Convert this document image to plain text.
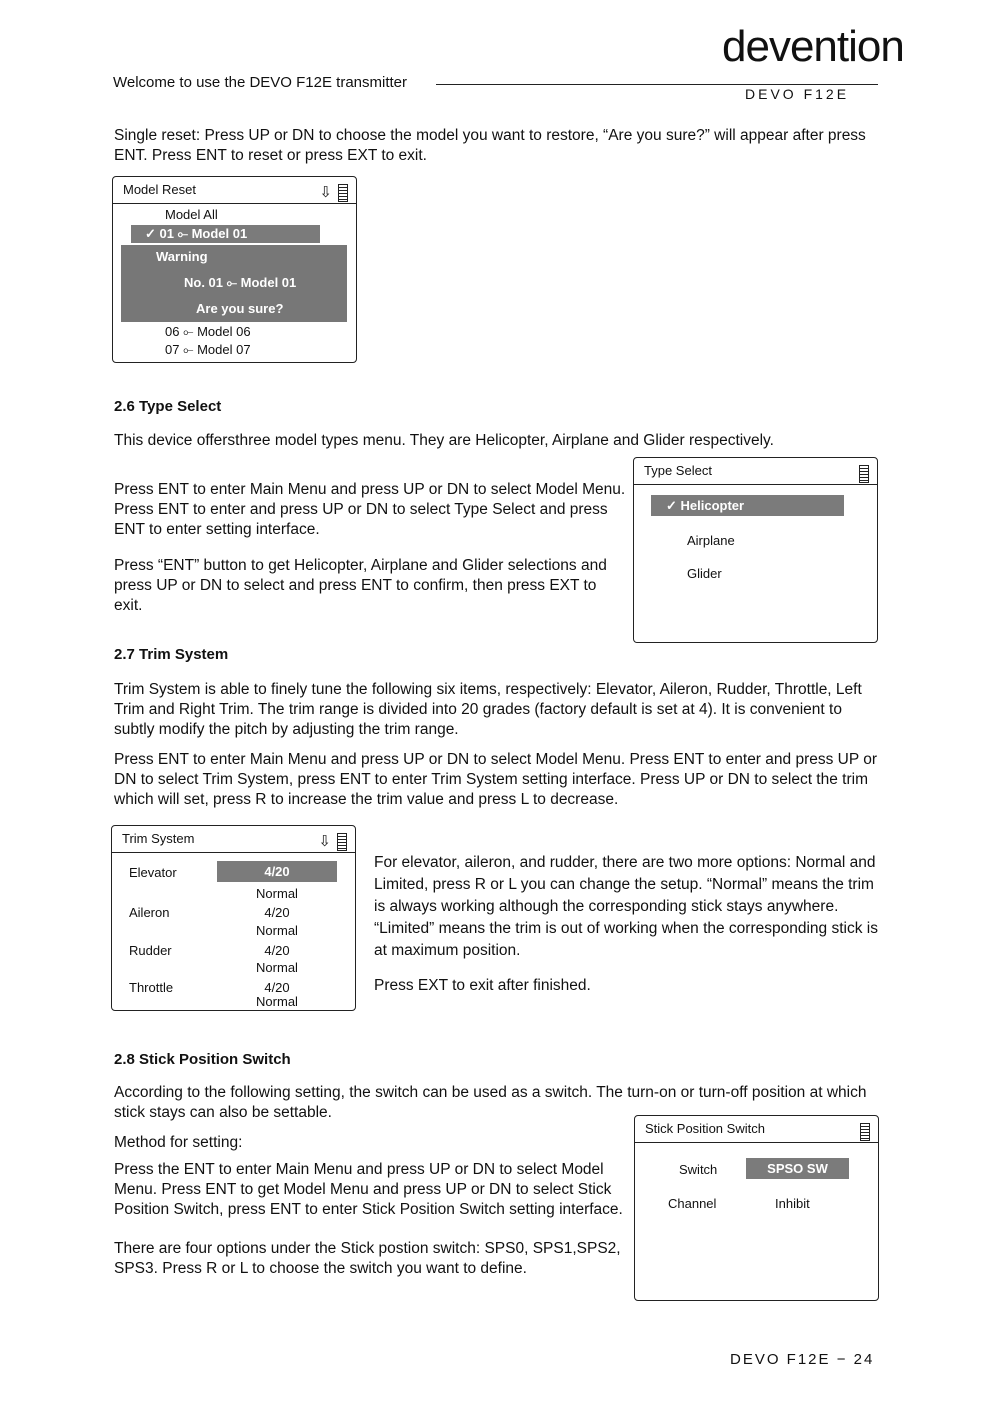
Welcome to use the DEVO F12E transmitter
devention
DEVO F12E

Single reset: Press UP or DN to choose the model you want to restore, “Are you sure?” will appear after press ENT. Press ENT to reset or press EXT to exit.

Model Reset	⇩
Model All
✓ 01 ⟜ Model 01
06 ⟜ Model 06
07 ⟜ Model 07
Warning
No. 01 ⟜ Model 01
Are you sure?
2.6 Type Select

This device offersthree model types menu. They are Helicopter, Airplane and Glider respectively.

Press ENT to enter Main Menu and press UP or DN to select Model Menu. Press ENT to enter and press UP or DN to select Type Select and press ENT to enter setting interface.

Press “ENT” button to get Helicopter, Airplane and Glider selections and press UP or DN to select and press ENT to confirm, then press EXT to exit.

Type Select
✓ Helicopter
Airplane
Glider
2.7 Trim System

Trim System is able to finely tune the following six items, respectively: Elevator, Aileron, Rudder, Throttle, Left Trim and Right Trim. The trim range is divided into 20 grades (factory default is set at 4). It is convenient to subtly modify the pitch by adjusting the trim range.

Press ENT to enter Main Menu and press UP or DN to select Model Menu. Press ENT to enter and press UP or DN to select Trim System, press ENT to enter Trim System setting interface. Press UP or DN to select the trim which will set, press R to increase the trim value and press L to decrease.

Trim System	⇩
Elevator	4/20
Normal
Aileron	4/20
Normal
Rudder	4/20
Normal
Throttle	4/20
Normal

For elevator, aileron, and rudder, there are two more options: Normal and Limited, press R or L you can change the setup. “Normal” means the trim is always working although the corresponding stick stays anywhere. “Limited” means the trim is out of working when the corresponding stick is at maximum position.

Press EXT to exit after finished.

2.8 Stick Position Switch

According to the following setting, the switch can be used as a switch. The turn-on or turn-off position at which stick stays can also be settable.

Method for setting:

Press the ENT to enter Main Menu and press UP or DN to select Model Menu. Press ENT to get Model Menu and press UP or DN to select Stick Position Switch, press ENT to enter Stick Position Switch setting interface.

There are four options under the Stick postion switch: SPS0, SPS1,SPS2, SPS3. Press R or L to choose the switch you want to define.

Stick Position Switch
Switch	SPSO SW
Channel	Inhibit
DEVO F12E − 24
